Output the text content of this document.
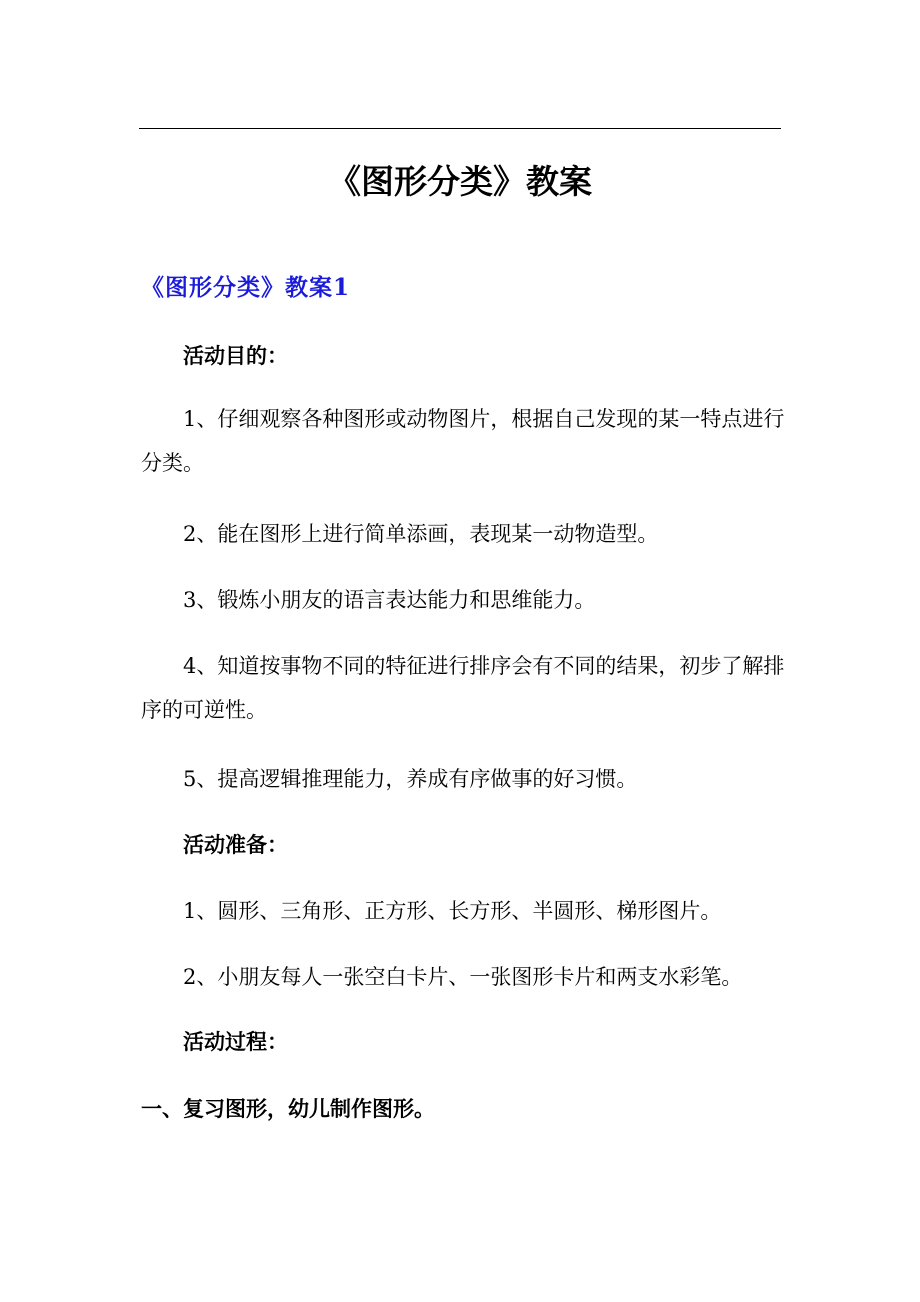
《图形分类》教案
《图形分类》教案1

活动目的：

1、仔细观察各种图形或动物图片，根据自己发现的某一特点进行分类。

2、能在图形上进行简单添画，表现某一动物造型。

3、锻炼小朋友的语言表达能力和思维能力。

4、知道按事物不同的特征进行排序会有不同的结果，初步了解排序的可逆性。

5、提高逻辑推理能力，养成有序做事的好习惯。

活动准备：

1、圆形、三角形、正方形、长方形、半圆形、梯形图片。

2、小朋友每人一张空白卡片、一张图形卡片和两支水彩笔。

活动过程：

一、复习图形，幼儿制作图形。
